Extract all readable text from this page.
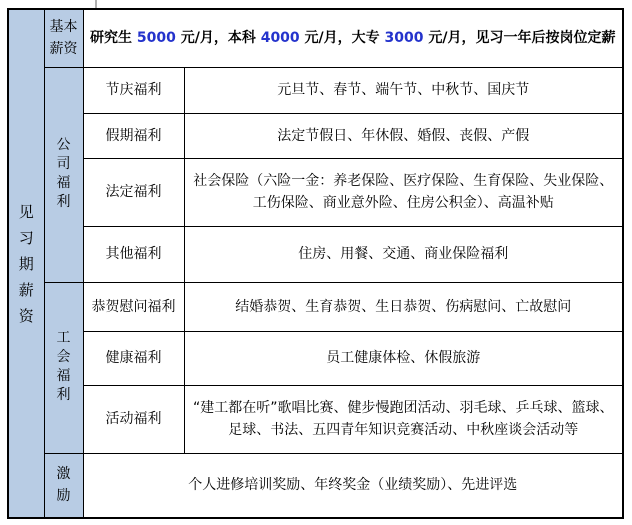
见习期薪资	基本薪资	研究生 5000 元/月，本科 4000 元/月，大专 3000 元/月，见习一年后按岗位定薪	
	公司福利	节庆福利	元旦节、春节、端午节、中秋节、国庆节
		假期福利	法定节假日、年休假、婚假、丧假、产假
		法定福利	社会保险（六险一金：养老保险、医疗保险、生育保险、失业保险、工伤保险、商业意外险、住房公积金）、高温补贴
		其他福利	住房、用餐、交通、商业保险福利
	工会福利	恭贺慰问福利	结婚恭贺、生育恭贺、生日恭贺、伤病慰问、亡故慰问
		健康福利	员工健康体检、休假旅游
		活动福利	“建工都在听”歌唱比赛、健步慢跑团活动、羽毛球、乒乓球、篮球、足球、书法、五四青年知识竞赛活动、中秋座谈会活动等
	激励	个人进修培训奖励、年终奖金（业绩奖励）、先进评选	
